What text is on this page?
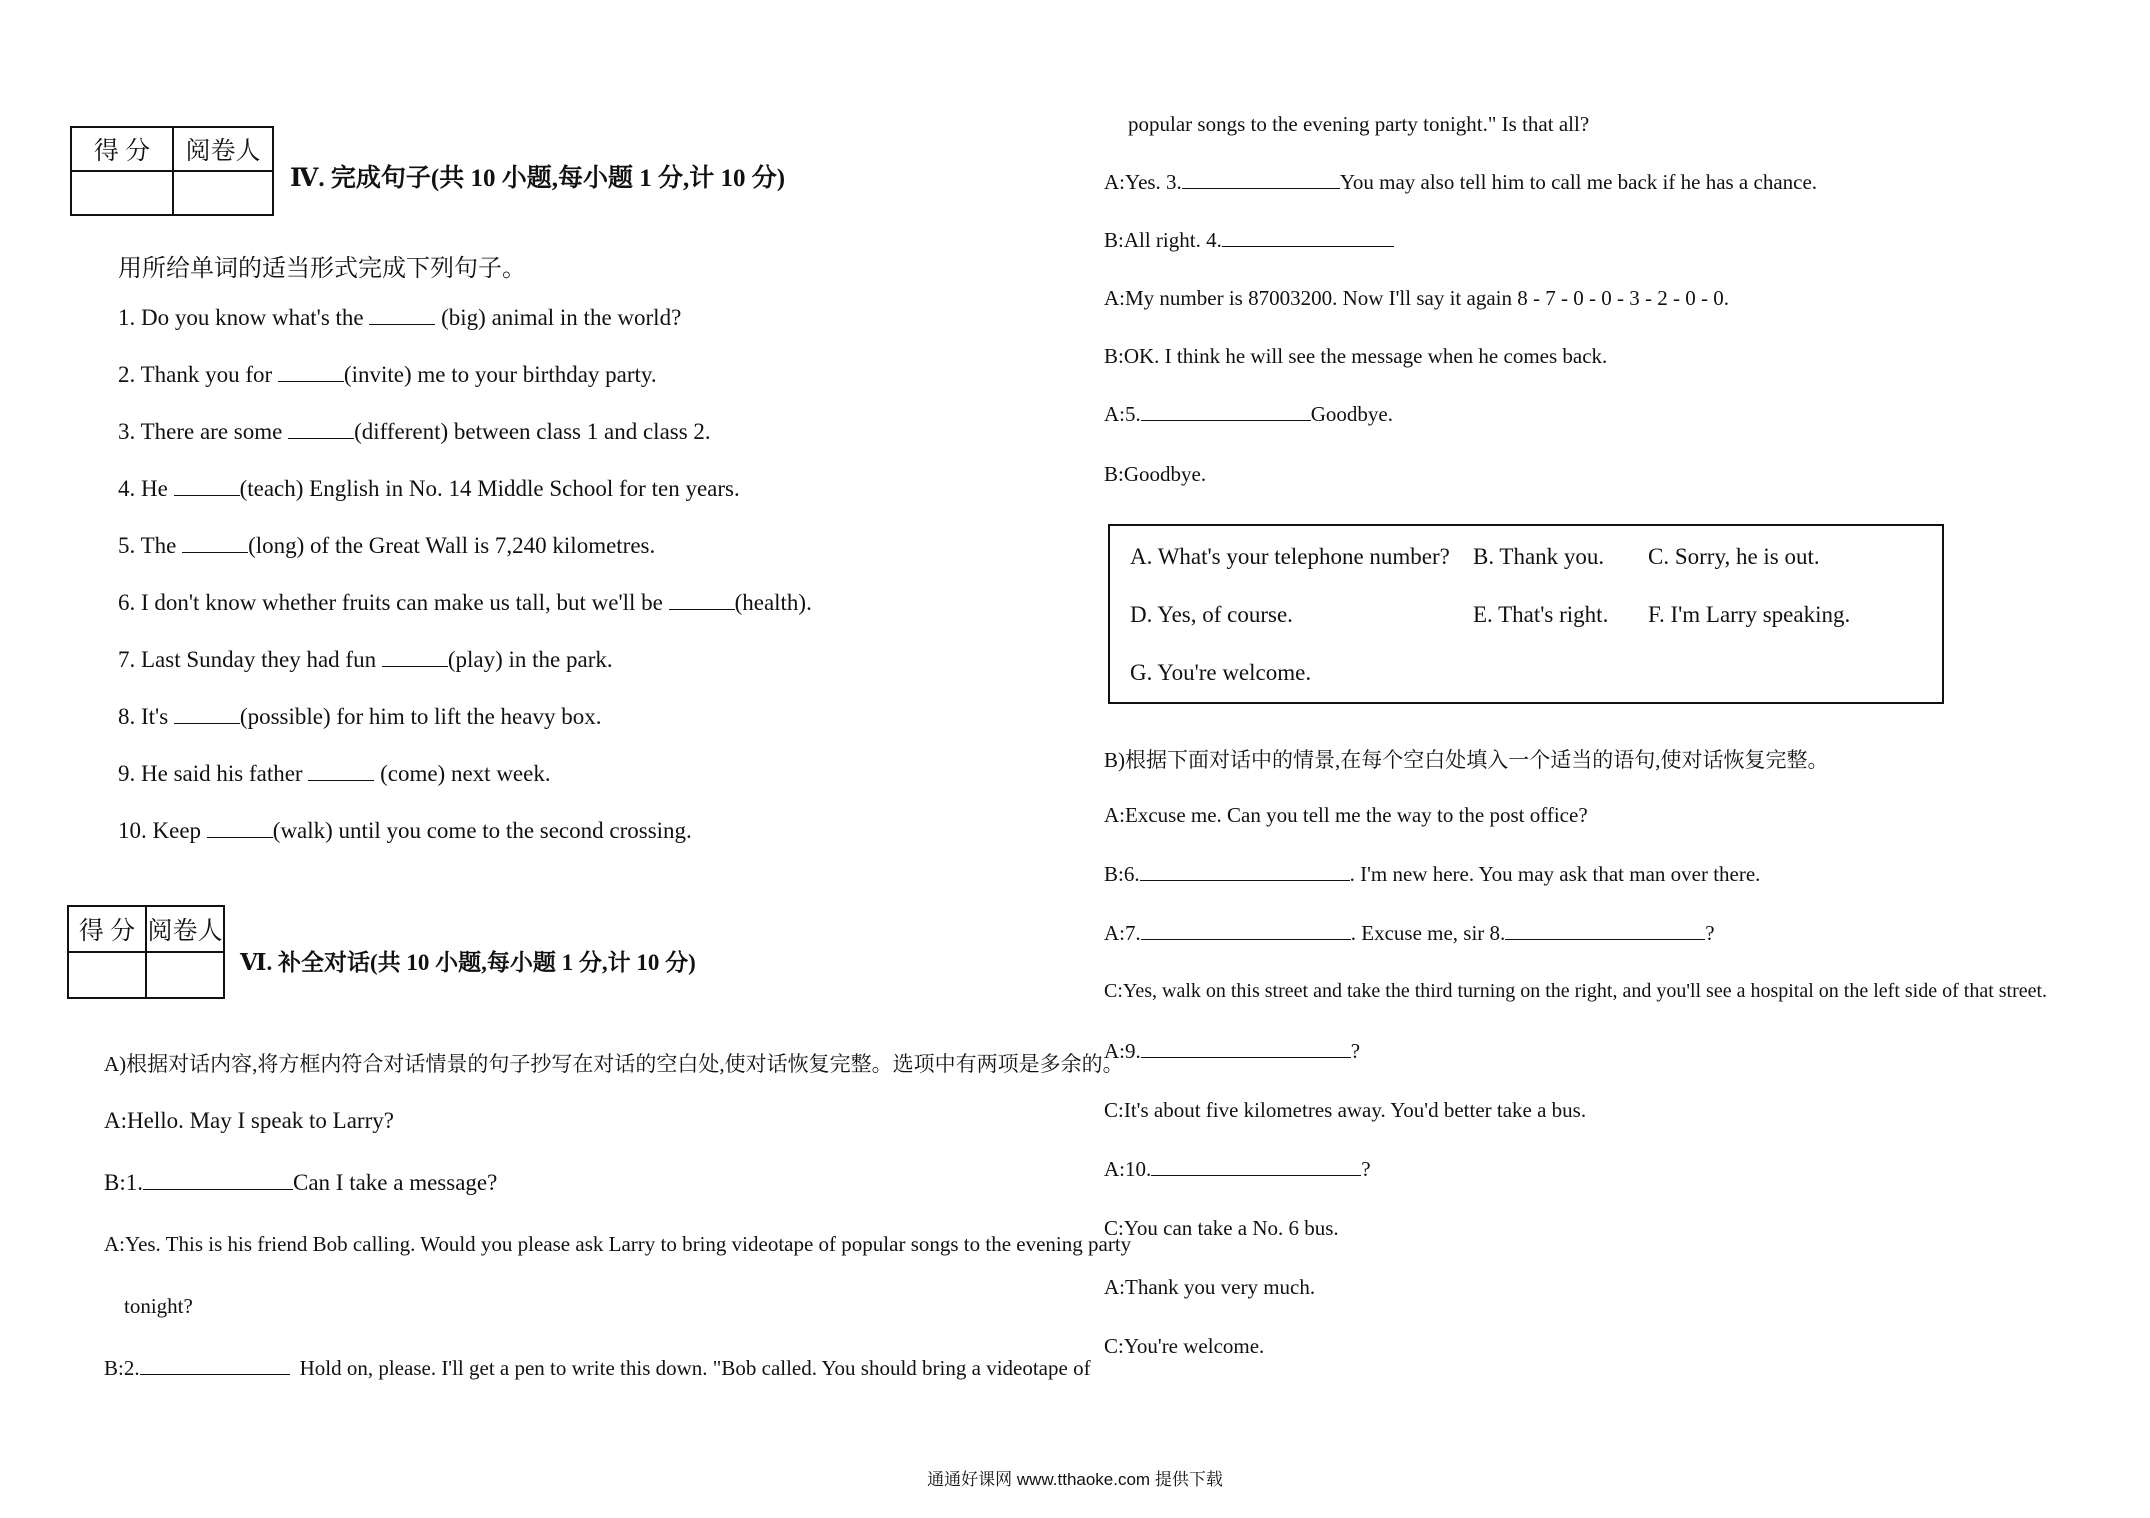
得 分	阅卷人

Ⅳ. 完成句子(共 10 小题,每小题 1 分,计 10 分)
用所给单词的适当形式完成下列句子。
1. Do you know what's the	(big) animal in the world?
2. Thank you for	(invite) me to your birthday party.
3. There are some	(different) between class 1 and class 2.
4. He	(teach) English in No. 14 Middle School for ten years.
5. The	(long) of the Great Wall is 7,240 kilometres.
6. I don't know whether fruits can make us tall, but we'll be	(health).
7. Last Sunday they had fun	(play) in the park.
8. It's	(possible) for him to lift the heavy box.
9. He said his father	(come) next week.
10. Keep	(walk) until you come to the second crossing.
得 分	阅卷人

Ⅵ. 补全对话(共 10 小题,每小题 1 分,计 10 分)
A)根据对话内容,将方框内符合对话情景的句子抄写在对话的空白处,使对话恢复完整。选项中有两项是多余的。
A:Hello. May I speak to Larry?
B:1.	Can I take a message?
A:Yes. This is his friend Bob calling. Would you please ask Larry to bring videotape of popular songs to the evening party
tonight?
B:2.	Hold on, please. I'll get a pen to write this down. "Bob called. You should bring a videotape of
popular songs to the evening party tonight." Is that all?
A:Yes. 3.	You may also tell him to call me back if he has a chance.
B:All right. 4.
A:My number is 87003200. Now I'll say it again 8 - 7 - 0 - 0 - 3 - 2 - 0 - 0.
B:OK. I think he will see the message when he comes back.
A:5.	Goodbye.
B:Goodbye.
A. What's your telephone number? B. Thank you. C. Sorry, he is out.
D. Yes, of course.	E. That's right. F. I'm Larry speaking.
G. You're welcome.
B)根据下面对话中的情景,在每个空白处填入一个适当的语句,使对话恢复完整。
A:Excuse me. Can you tell me the way to the post office?
B:6.	. I'm new here. You may ask that man over there.
A:7.	. Excuse me, sir 8.	?
C:Yes, walk on this street and take the third turning on the right, and you'll see a hospital on the left side of that street.
A:9.	?
C:It's about five kilometres away. You'd better take a bus.
A:10.	?
C:You can take a No. 6 bus.
A:Thank you very much.
C:You're welcome.
通通好课网 www.tthaoke.com 提供下载
